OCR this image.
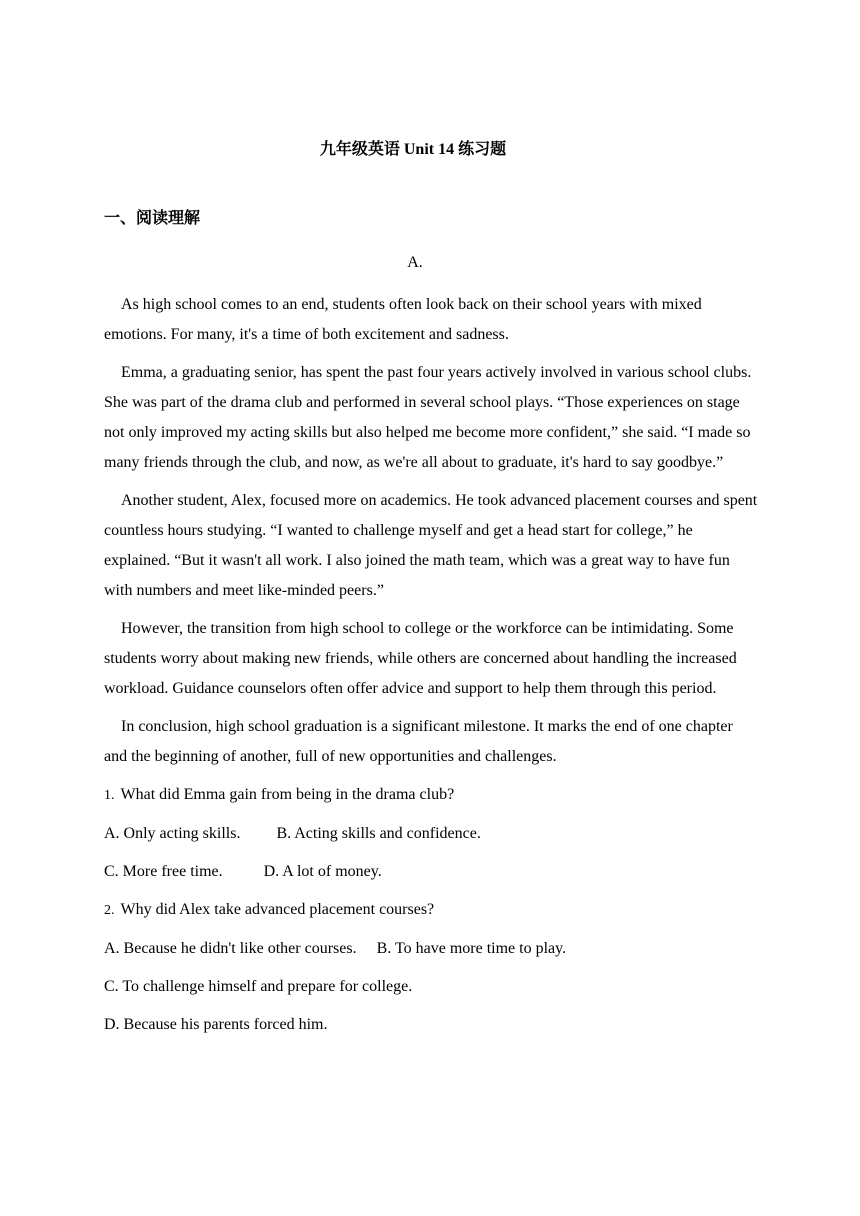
九年级英语 Unit 14 练习题
一、阅读理解
A.

As high school comes to an end, students often look back on their school years with mixed emotions. For many, it's a time of both excitement and sadness.

Emma, a graduating senior, has spent the past four years actively involved in various school clubs. She was part of the drama club and performed in several school plays. “Those experiences on stage not only improved my acting skills but also helped me become more confident,” she said. “I made so many friends through the club, and now, as we're all about to graduate, it's hard to say goodbye.”

Another student, Alex, focused more on academics. He took advanced placement courses and spent countless hours studying. “I wanted to challenge myself and get a head start for college,” he explained. “But it wasn't all work. I also joined the math team, which was a great way to have fun with numbers and meet like-minded peers.”

However, the transition from high school to college or the workforce can be intimidating. Some students worry about making new friends, while others are concerned about handling the increased workload. Guidance counselors often offer advice and support to help them through this period.

In conclusion, high school graduation is a significant milestone. It marks the end of one chapter and the beginning of another, full of new opportunities and challenges.

1. What did Emma gain from being in the drama club?
A. Only acting skills. B. Acting skills and confidence.
C. More free time.	D. A lot of money.
2. Why did Alex take advanced placement courses?
A. Because he didn't like other courses. B. To have more time to play.
C. To challenge himself and prepare for college.
D. Because his parents forced him.
